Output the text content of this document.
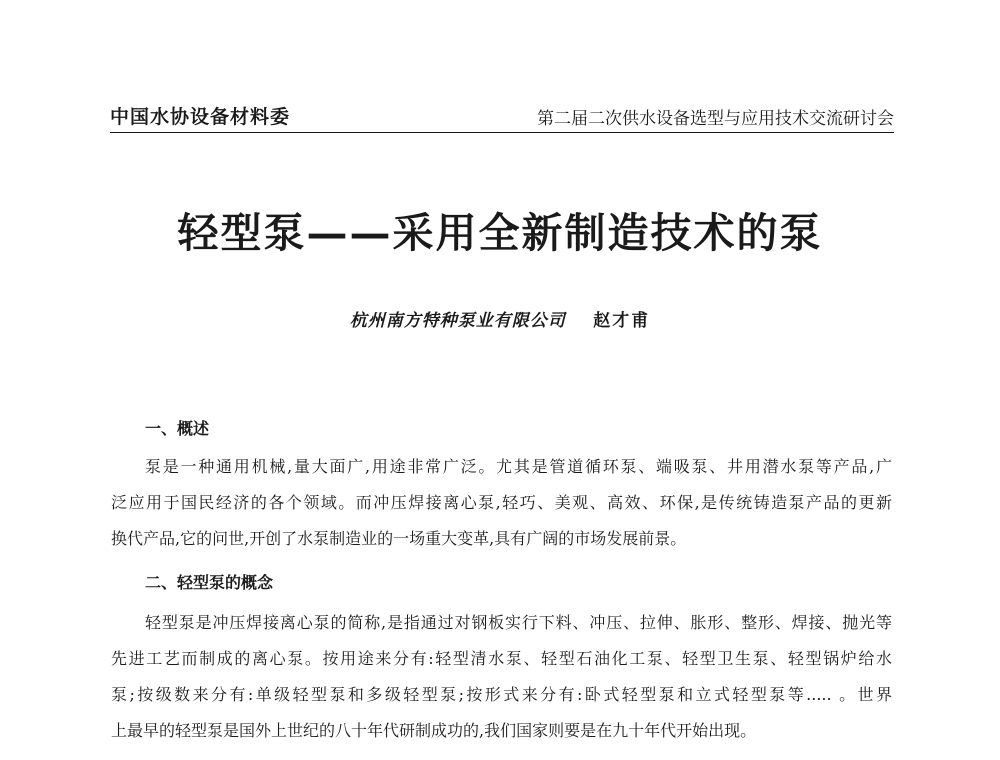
中国水协设备材料委	第二届二次供水设备选型与应用技术交流研讨会
轻型泵——采用全新制造技术的泵
杭州南方特种泵业有限公司 赵才甫
一、概述
泵是一种通用机械,量大面广,用途非常广泛。尤其是管道循环泵、端吸泵、井用潜水泵等产品,广
泛应用于国民经济的各个领域。而冲压焊接离心泵,轻巧、美观、高效、环保,是传统铸造泵产品的更新
换代产品,它的问世,开创了水泵制造业的一场重大变革,具有广阔的市场发展前景。
二、轻型泵的概念
轻型泵是冲压焊接离心泵的简称,是指通过对钢板实行下料、冲压、拉伸、胀形、整形、焊接、抛光等
先进工艺而制成的离心泵。按用途来分有:轻型清水泵、轻型石油化工泵、轻型卫生泵、轻型锅炉给水
泵;按级数来分有:单级轻型泵和多级轻型泵;按形式来分有:卧式轻型泵和立式轻型泵等..... 。世界
上最早的轻型泵是国外上世纪的八十年代研制成功的,我们国家则要是在九十年代开始出现。
